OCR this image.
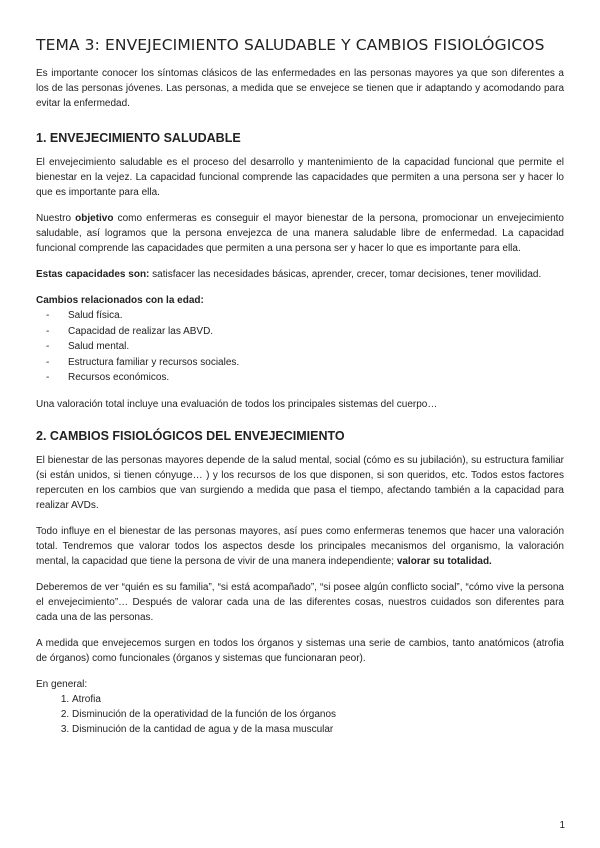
TEMA 3: ENVEJECIMIENTO SALUDABLE Y CAMBIOS FISIOLÓGICOS

Es importante conocer los síntomas clásicos de las enfermedades en las personas mayores ya que son diferentes a los de las personas jóvenes. Las personas, a medida que se envejece se tienen que ir adaptando y acomodando para evitar la enfermedad.

1. ENVEJECIMIENTO SALUDABLE

El envejecimiento saludable es el proceso del desarrollo y mantenimiento de la capacidad funcional que permite el bienestar en la vejez. La capacidad funcional comprende las capacidades que permiten a una persona ser y hacer lo que es importante para ella.

Nuestro objetivo como enfermeras es conseguir el mayor bienestar de la persona, promocionar un envejecimiento saludable, así logramos que la persona envejezca de una manera saludable libre de enfermedad. La capacidad funcional comprende las capacidades que permiten a una persona ser y hacer lo que es importante para ella.

Estas capacidades son: satisfacer las necesidades básicas, aprender, crecer, tomar decisiones, tener movilidad.

Cambios relacionados con la edad:

- Salud física.
- Capacidad de realizar las ABVD.
- Salud mental.
- Estructura familiar y recursos sociales.
- Recursos económicos.

Una valoración total incluye una evaluación de todos los principales sistemas del cuerpo…

2. CAMBIOS FISIOLÓGICOS DEL ENVEJECIMIENTO

El bienestar de las personas mayores depende de la salud mental, social (cómo es su jubilación), su estructura familiar (si están unidos, si tienen cónyuge… ) y los recursos de los que disponen, si son queridos, etc. Todos estos factores repercuten en los cambios que van surgiendo a medida que pasa el tiempo, afectando también a la capacidad para realizar AVDs.

Todo influye en el bienestar de las personas mayores, así pues como enfermeras tenemos que hacer una valoración total. Tendremos que valorar todos los aspectos desde los principales mecanismos del organismo, la valoración mental, la capacidad que tiene la persona de vivir de una manera independiente; valorar su totalidad.

Deberemos de ver “quién es su familia”, “si está acompañado”, “si posee algún conflicto social”, “cómo vive la persona el envejecimiento”… Después de valorar cada una de las diferentes cosas, nuestros cuidados son diferentes para cada una de las personas.

A medida que envejecemos surgen en todos los órganos y sistemas una serie de cambios, tanto anatómicos (atrofia de órganos) como funcionales (órganos y sistemas que funcionaran peor).

En general:

1. Atrofia
2. Disminución de la operatividad de la función de los órganos
3. Disminución de la cantidad de agua y de la masa muscular
1
